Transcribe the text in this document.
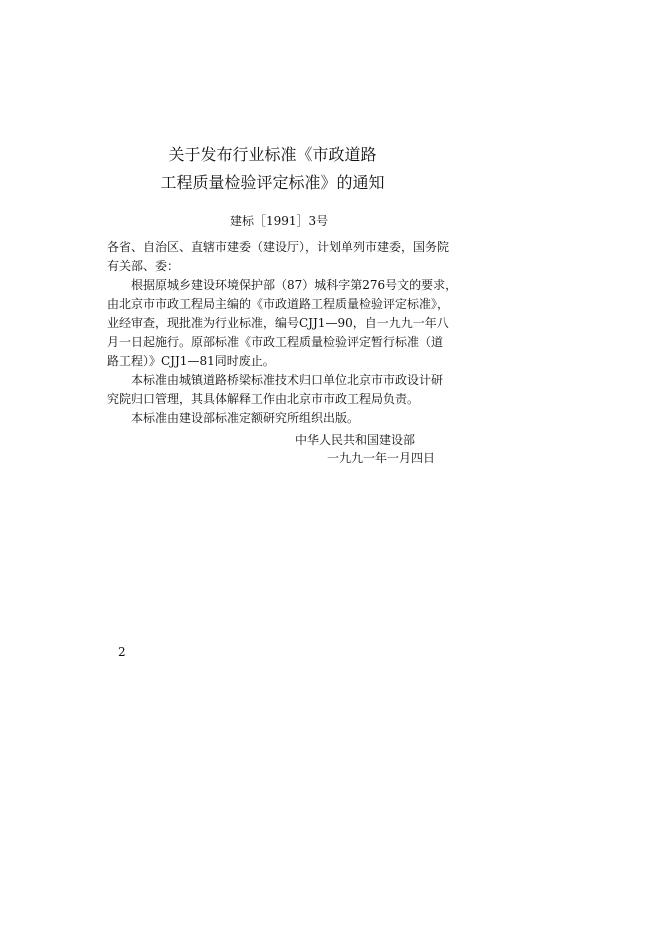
关于发布行业标准《市政道路
工程质量检验评定标准》的通知
建标［1991］3号
各省、自治区、直辖市建委（建设厅），计划单列市建委，国务院
有关部、委：
根据原城乡建设环境保护部（87）城科字第276号文的要求，
由北京市市政工程局主编的《市政道路工程质量检验评定标准》，
业经审查，现批准为行业标准，编号CJJ1—90，自一九九一年八
月一日起施行。原部标准《市政工程质量检验评定暂行标准（道
路工程）》CJJ1—81同时废止。
本标准由城镇道路桥梁标准技术归口单位北京市市政设计研
究院归口管理，其具体解释工作由北京市市政工程局负责。
本标准由建设部标准定额研究所组织出版。
中华人民共和国建设部
一九九一年一月四日
2
